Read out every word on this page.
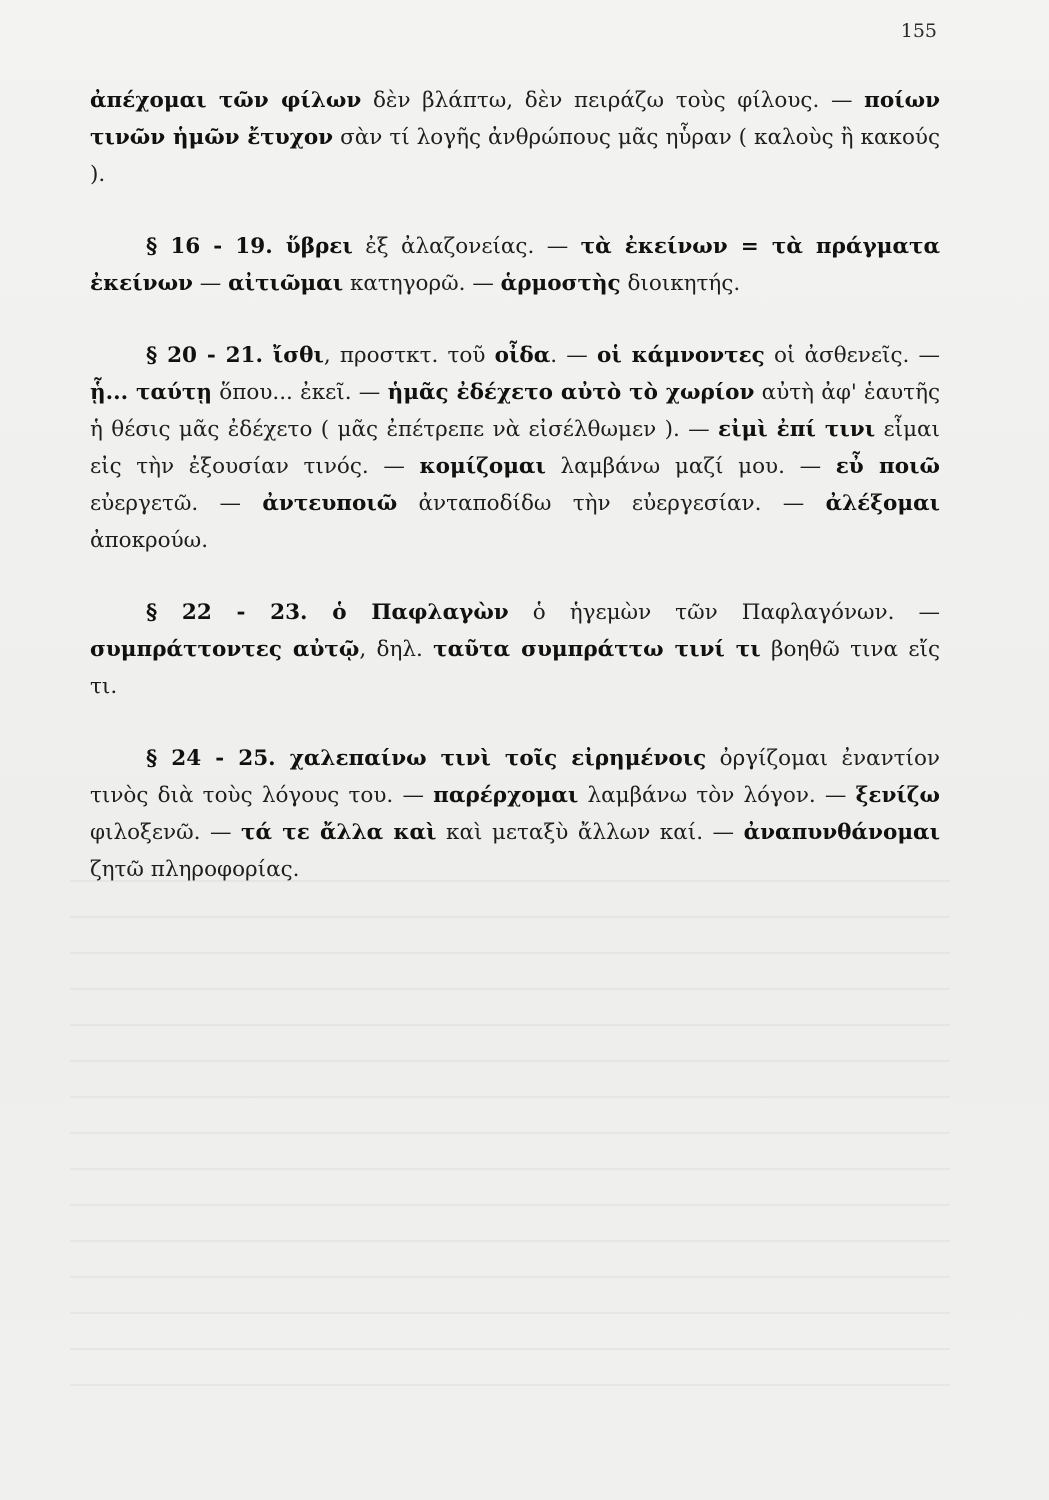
155

ἀπέχομαι τῶν φίλων δὲν βλάπτω, δὲν πειράζω τοὺς φίλους. — ποίων τινῶν ἡμῶν ἔτυχον σὰν τί λογῆς ἀνθρώπους μᾶς ηὗραν ( καλοὺς ἢ κακούς ).

§ 16 - 19. ὕβρει ἐξ ἀλαζονείας. — τὰ ἐκείνων = τὰ πράγματα ἐκείνων — αἰτιῶμαι κατηγορῶ. — ἁρμοστὴς διοικητής.

§ 20 - 21. ἴσθι, προστκτ. τοῦ οἶδα. — οἱ κάμνοντες οἱ ἀσθενεῖς. — ᾗ... ταύτῃ ὅπου... ἐκεῖ. — ἡμᾶς ἐδέχετο αὐτὸ τὸ χωρίον αὐτὴ ἀφ' ἑαυτῆς ἡ θέσις μᾶς ἐδέχετο ( μᾶς ἐπέτρεπε νὰ εἰσέλθωμεν ). — εἰμὶ ἐπί τινι εἶμαι εἰς τὴν ἐξουσίαν τινός. — κομίζομαι λαμβάνω μαζί μου. — εὖ ποιῶ εὐεργετῶ. — ἀντευποιῶ ἀνταποδίδω τὴν εὐεργεσίαν. — ἀλέξομαι ἀποκρούω.

§ 22 - 23. ὁ Παφλαγὼν ὁ ἡγεμὼν τῶν Παφλαγόνων. — συμπράττοντες αὐτῷ, δηλ. ταῦτα συμπράττω τινί τι βοηθῶ τινα εἴς τι.

§ 24 - 25. χαλεπαίνω τινὶ τοῖς εἰρημένοις ὀργίζομαι ἐναντίον τινὸς διὰ τοὺς λόγους του. — παρέρχομαι λαμβάνω τὸν λόγον. — ξενίζω φιλοξενῶ. — τά τε ἄλλα καὶ καὶ μεταξὺ ἄλλων καί. — ἀναπυνθάνομαι ζητῶ πληροφορίας.
